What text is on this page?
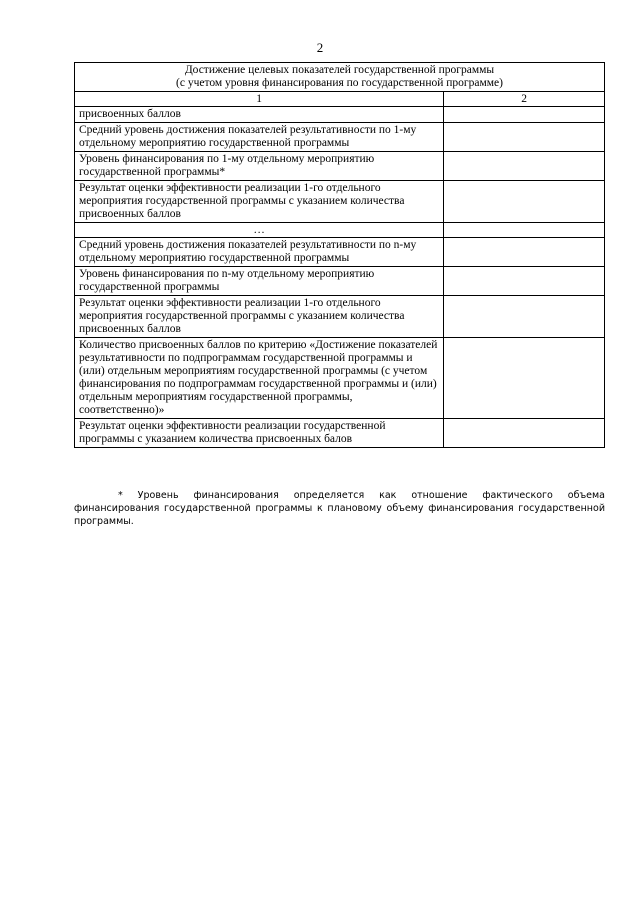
2
Достижение целевых показателей государственной программы
(с учетом уровня финансирования по государственной программе)	

1	2
присвоенных баллов	
Средний уровень достижения показателей результативности по 1-му отдельному мероприятию государственной программы	
Уровень финансирования по 1-му отдельному мероприятию государственной программы*	
Результат оценки эффективности реализации 1-го отдельного мероприятия государственной программы с указанием количества присвоенных баллов	
…	
Средний уровень достижения показателей результативности по n-му отдельному мероприятию государственной программы	
Уровень финансирования по n-му отдельному мероприятию государственной программы	
Результат оценки эффективности реализации 1-го отдельного мероприятия государственной программы с указанием количества присвоенных баллов	
Количество присвоенных баллов по критерию «Достижение показателей результативности по подпрограммам государственной программы и (или) отдельным мероприятиям государственной программы (с учетом финансирования по подпрограммам государственной программы и (или) отдельным мероприятиям государственной программы, соответственно)»	
Результат оценки эффективности реализации государственной программы с указанием количества присвоенных балов	
* Уровень финансирования определяется как отношение фактического объема финансирования государственной программы к плановому объему финансирования государственной программы.
